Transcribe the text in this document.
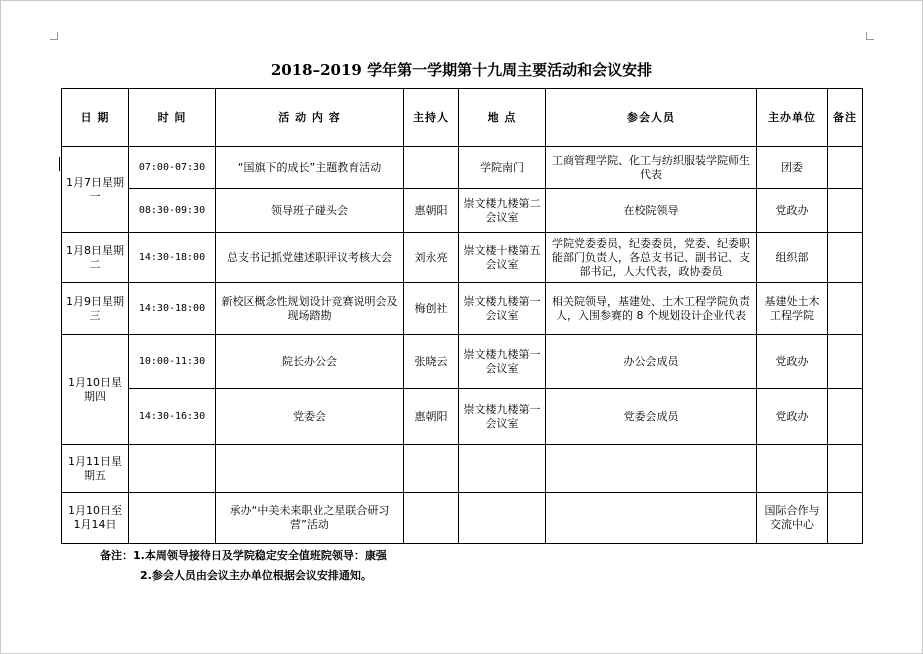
2018–2019 学年第一学期第十九周主要活动和会议安排
日 期	时 间	活 动 内 容	主持人	地 点	参会人员	主办单位	备注
1月7日星期一	07:00-07:30	“国旗下的成长”主题教育活动		学院南门	工商管理学院、化工与纺织服装学院师生代表	团委	
	08:30-09:30	领导班子碰头会	惠朝阳	崇文楼九楼第二会议室	在校院领导	党政办	
1月8日星期二	14:30-18:00	总支书记抓党建述职评议考核大会	刘永亮	崇文楼十楼第五会议室	学院党委委员，纪委委员，党委、纪委职能部门负责人，各总支书记、副书记、支部书记，人大代表，政协委员	组织部	
1月9日星期三	14:30-18:00	新校区概念性规划设计竞赛说明会及现场踏勘	梅创社	崇文楼九楼第一会议室	相关院领导，基建处、土木工程学院负责人，入围参赛的 8 个规划设计企业代表	基建处土木工程学院	
1月10日星期四	10:00-11:30	院长办公会	张晓云	崇文楼九楼第一会议室	办公会成员	党政办	
	14:30-16:30	党委会	惠朝阳	崇文楼九楼第一会议室	党委会成员	党政办	
1月11日星期五							
1月10日至1月14日		承办“中美未来职业之星联合研习营”活动				国际合作与交流中心	
备注：1.本周领导接待日及学院稳定安全值班院领导：康强
2.参会人员由会议主办单位根据会议安排通知。
